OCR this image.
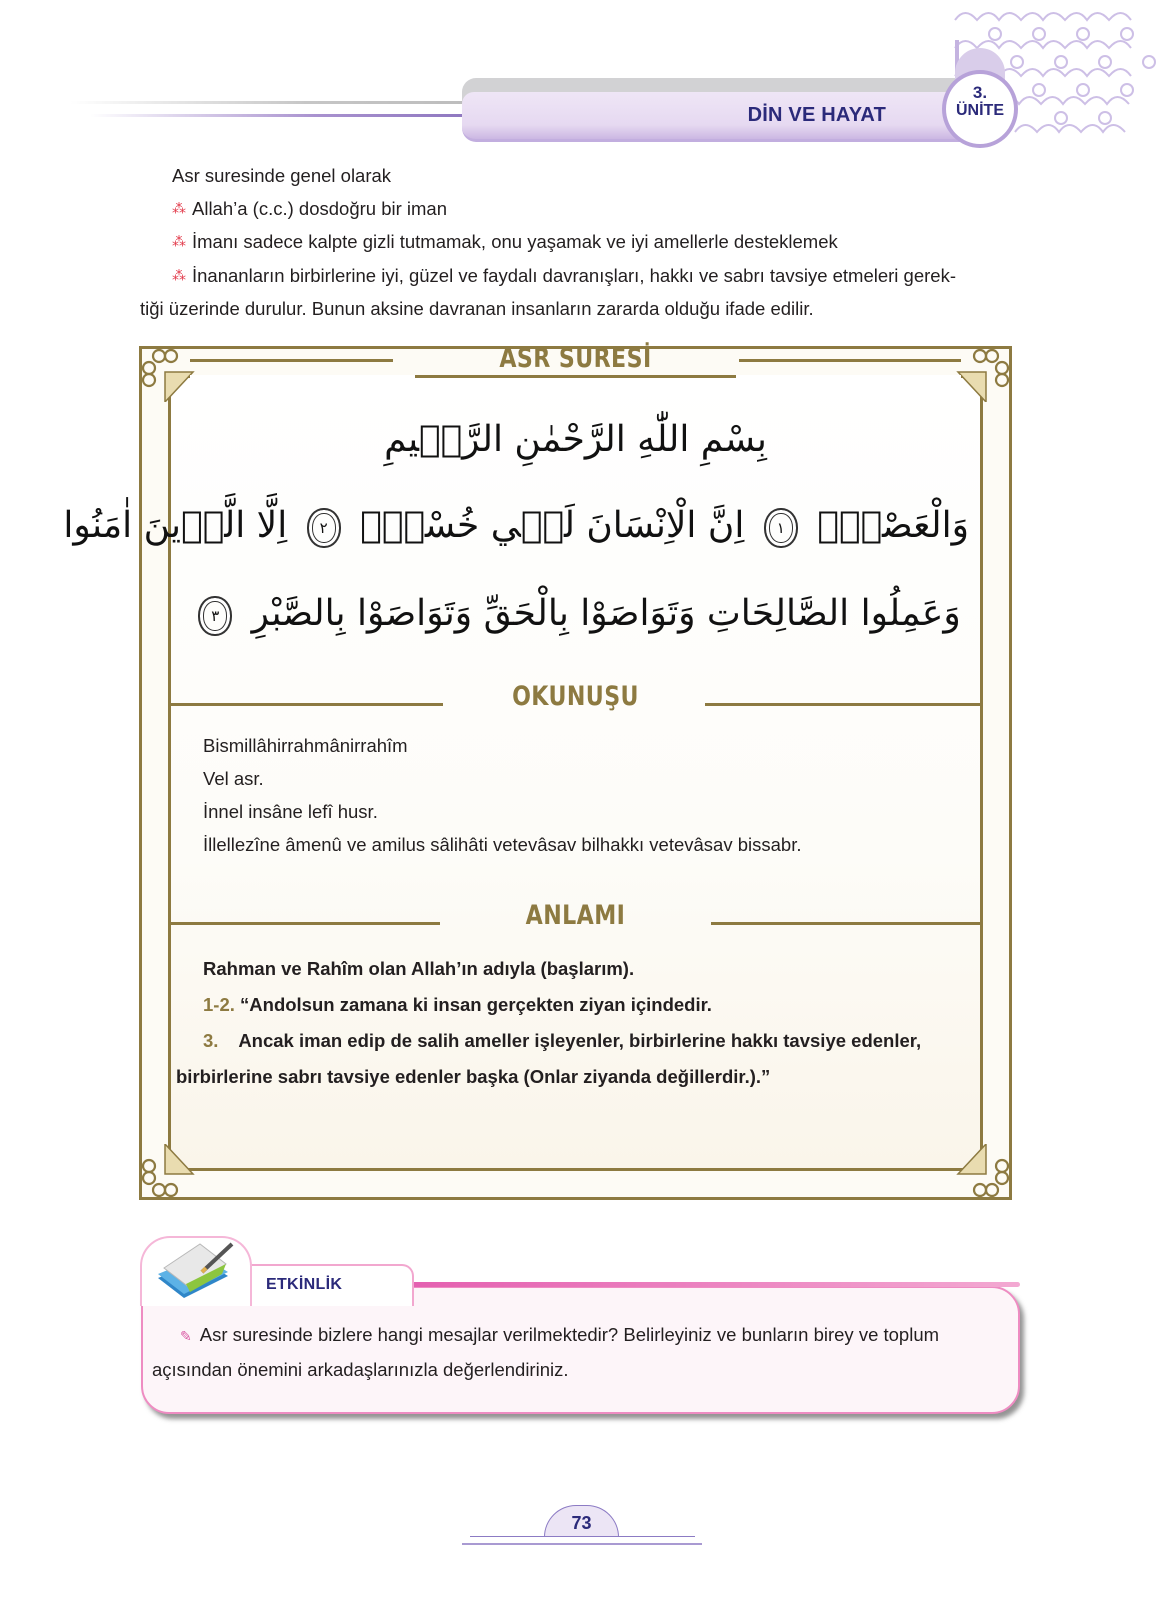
DİN VE HAYAT
3.
ÜNİTE

Asr suresinde genel olarak

⁂ Allah’a (c.c.) dosdoğru bir iman

⁂ İmanı sadece kalpte gizli tutmamak, onu yaşamak ve iyi amellerle desteklemek

⁂ İnananların birbirlerine iyi, güzel ve faydalı davranışları, hakkı ve sabrı tavsiye etmeleri gerek-

tiği üzerinde durulur. Bunun aksine davranan insanların zararda olduğu ifade edilir.

ASR SURESİ
بِسْمِ اللّٰهِ الرَّحْمٰنِ الرَّح۪يمِ
وَالْعَصْرِۙ ١ اِنَّ الْاِنْسَانَ لَف۪ي خُسْرٍۙ ٢ اِلَّا الَّذ۪ينَ اٰمَنُوا
وَعَمِلُوا الصَّالِحَاتِ وَتَوَاصَوْا بِالْحَقِّ وَتَوَاصَوْا بِالصَّبْرِ ٣
OKUNUŞU

Bismillâhirrahmânirrahîm

Vel asr.

İnnel insâne lefî husr.

İllellezîne âmenû ve amilus sâlihâti vetevâsav bilhakkı vetevâsav bissabr.

ANLAMI

Rahman ve Rahîm olan Allah’ın adıyla (başlarım).

1-2. “Andolsun zamana ki insan gerçekten ziyan içindedir.

3. Ancak iman edip de salih ameller işleyenler, birbirlerine hakkı tavsiye edenler,

birbirlerine sabrı tavsiye edenler başka (Onlar ziyanda değillerdir.).”

ETKİNLİK

✎ Asr suresinde bizlere hangi mesajlar verilmektedir? Belirleyiniz ve bunların birey ve toplum

açısından önemini arkadaşlarınızla değerlendiriniz.

73
